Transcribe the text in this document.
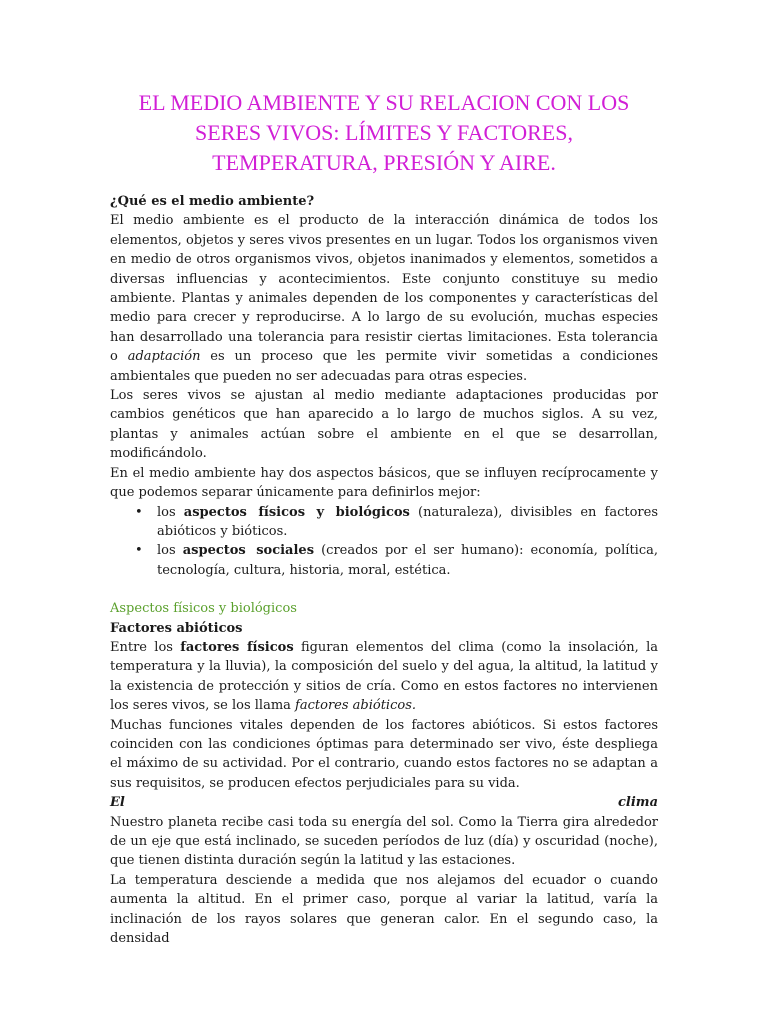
EL MEDIO AMBIENTE Y SU RELACION CON LOS
SERES VIVOS: LÍMITES Y FACTORES,
TEMPERATURA, PRESIÓN Y AIRE.

¿Qué es el medio ambiente?

El medio ambiente es el producto de la interacción dinámica de todos los elementos, objetos y seres vivos presentes en un lugar. Todos los organismos viven en medio de otros organismos vivos, objetos inanimados y elementos, sometidos a diversas influencias y acontecimientos. Este conjunto constituye su medio ambiente. Plantas y animales dependen de los componentes y características del medio para crecer y reproducirse. A lo largo de su evolución, muchas especies han desarrollado una tolerancia para resistir ciertas limitaciones. Esta tolerancia o adaptación es un proceso que les permite vivir sometidas a condiciones ambientales que pueden no ser adecuadas para otras especies.

Los seres vivos se ajustan al medio mediante adaptaciones producidas por cambios genéticos que han aparecido a lo largo de muchos siglos. A su vez, plantas y animales actúan sobre el ambiente en el que se desarrollan, modificándolo.

En el medio ambiente hay dos aspectos básicos, que se influyen recíprocamente y que podemos separar únicamente para definirlos mejor:

• los aspectos físicos y biológicos (naturaleza), divisibles en factores abióticos y bióticos.
• los aspectos sociales (creados por el ser humano): economía, política, tecnología, cultura, historia, moral, estética.

Aspectos físicos y biológicos

Factores abióticos

Entre los factores físicos figuran elementos del clima (como la insolación, la temperatura y la lluvia), la composición del suelo y del agua, la altitud, la latitud y la existencia de protección y sitios de cría. Como en estos factores no intervienen los seres vivos, se los llama factores abióticos.

Muchas funciones vitales dependen de los factores abióticos. Si estos factores coinciden con las condiciones óptimas para determinado ser vivo, éste despliega el máximo de su actividad. Por el contrario, cuando estos factores no se adaptan a sus requisitos, se producen efectos perjudiciales para su vida.

El	clima

Nuestro planeta recibe casi toda su energía del sol. Como la Tierra gira alrededor de un eje que está inclinado, se suceden períodos de luz (día) y oscuridad (noche), que tienen distinta duración según la latitud y las estaciones.

La temperatura desciende a medida que nos alejamos del ecuador o cuando aumenta la altitud. En el primer caso, porque al variar la latitud, varía la inclinación de los rayos solares que generan calor. En el segundo caso, la densidad
